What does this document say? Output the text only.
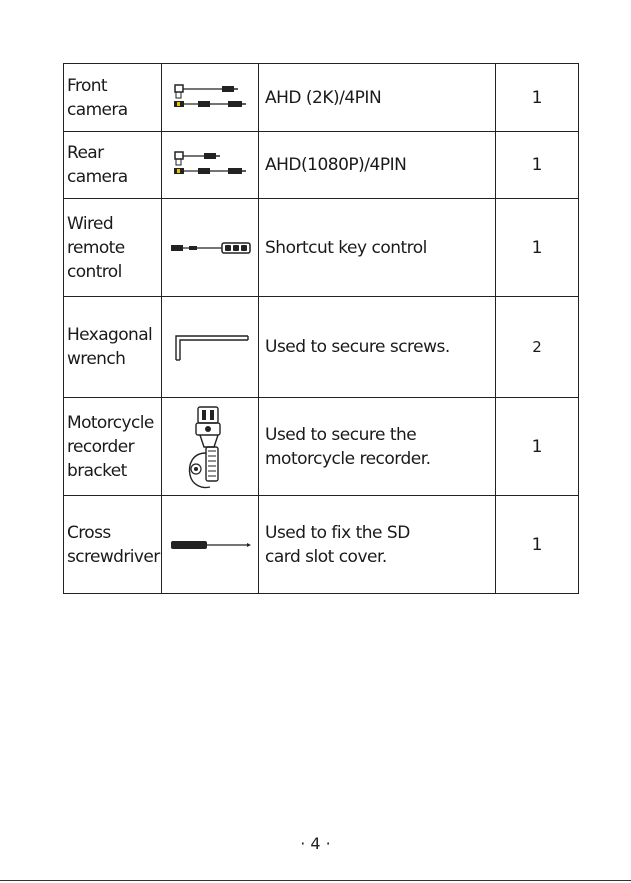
Front
camera		AHD (2K)/4PIN	1

Rear
camera		AHD(1080P)/4PIN	1

Wired
remote
control		Shortcut key control	1

Hexagonal
wrench		Used to secure screws.	2

Motorcycle
recorder
bracket		Used to secure the
motorcycle recorder.	1

Cross
screwdriver		Used to fix the SD
card slot cover.	1
· 4 ·
